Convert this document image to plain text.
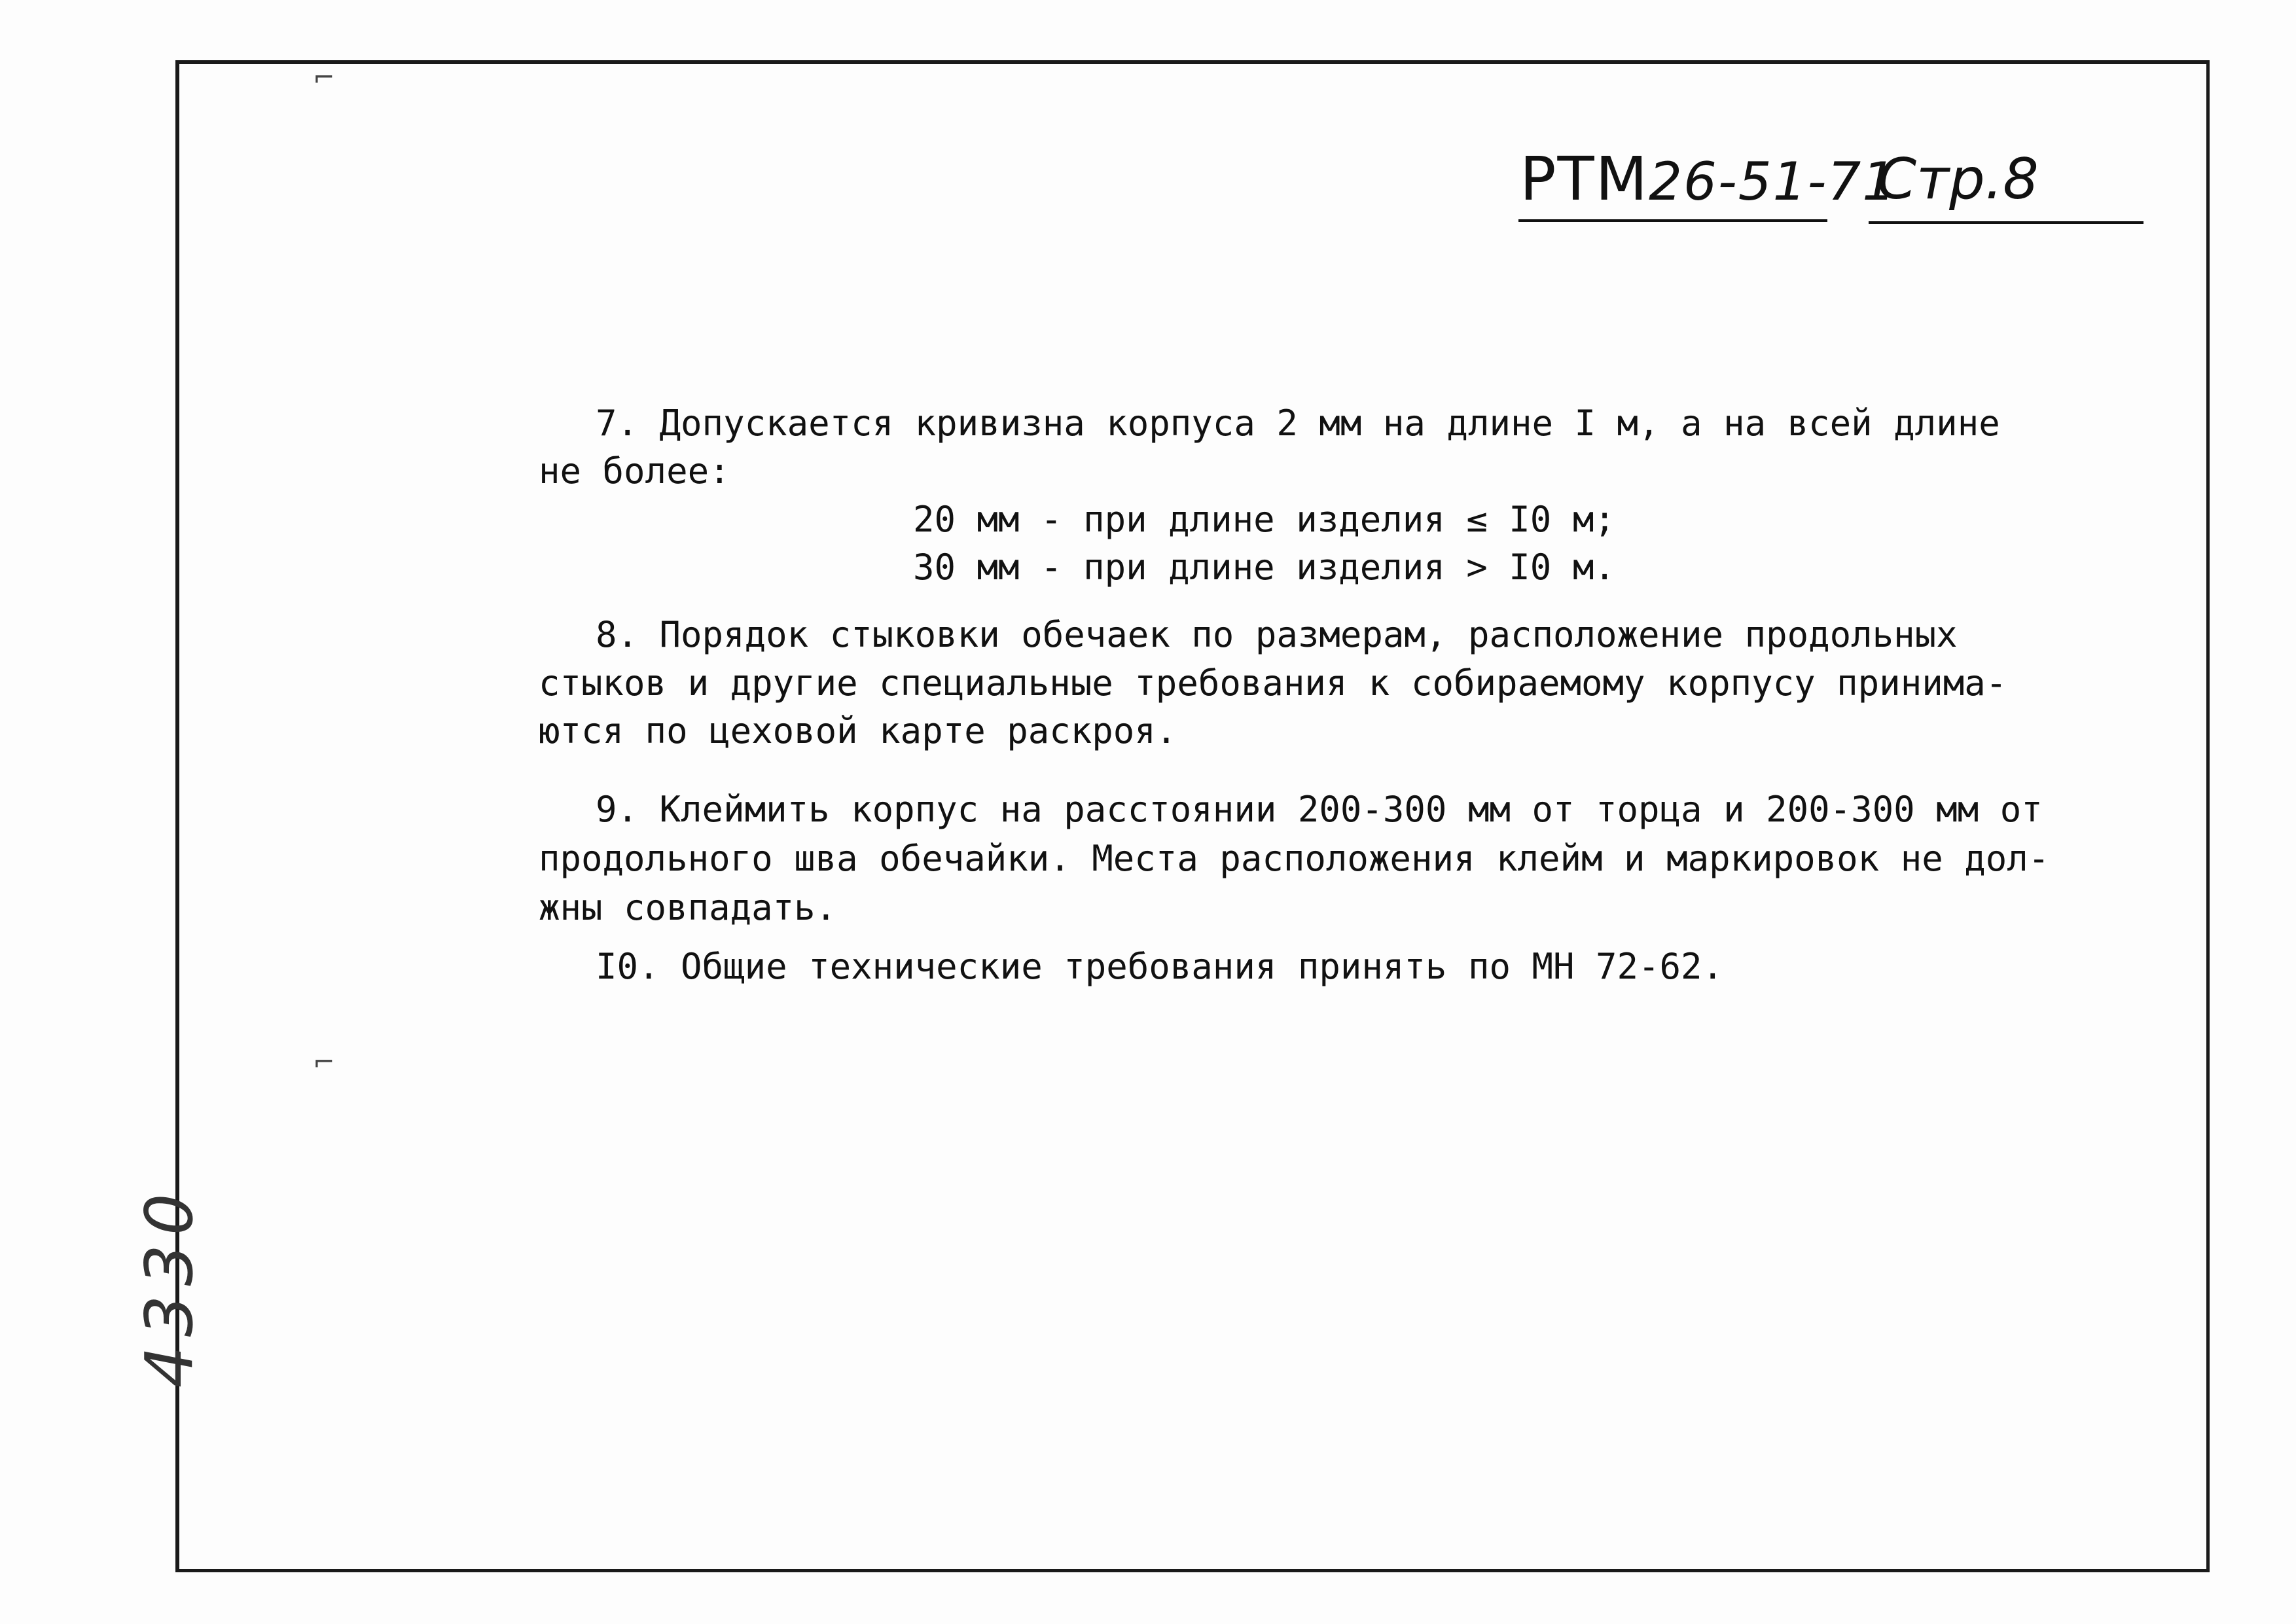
РТМ26-51-71
Стр.8
⌐
⌐
7. Допускается кривизна корпуса 2 мм на длине I м, а на всей длине
не более:
20 мм - при длине изделия ≤ I0 м;
30 мм - при длине изделия > I0 м.
8. Порядок стыковки обечаек по размерам, расположение продольных
стыков и другие специальные требования к собираемому корпусу принима-
ются по цеховой карте раскроя.
9. Клеймить корпус на расстоянии 200-300 мм от торца и 200-300 мм от
продольного шва обечайки. Места расположения клейм и маркировок не дол-
жны совпадать.
I0. Общие технические требования принять по МН 72-62.
4330
